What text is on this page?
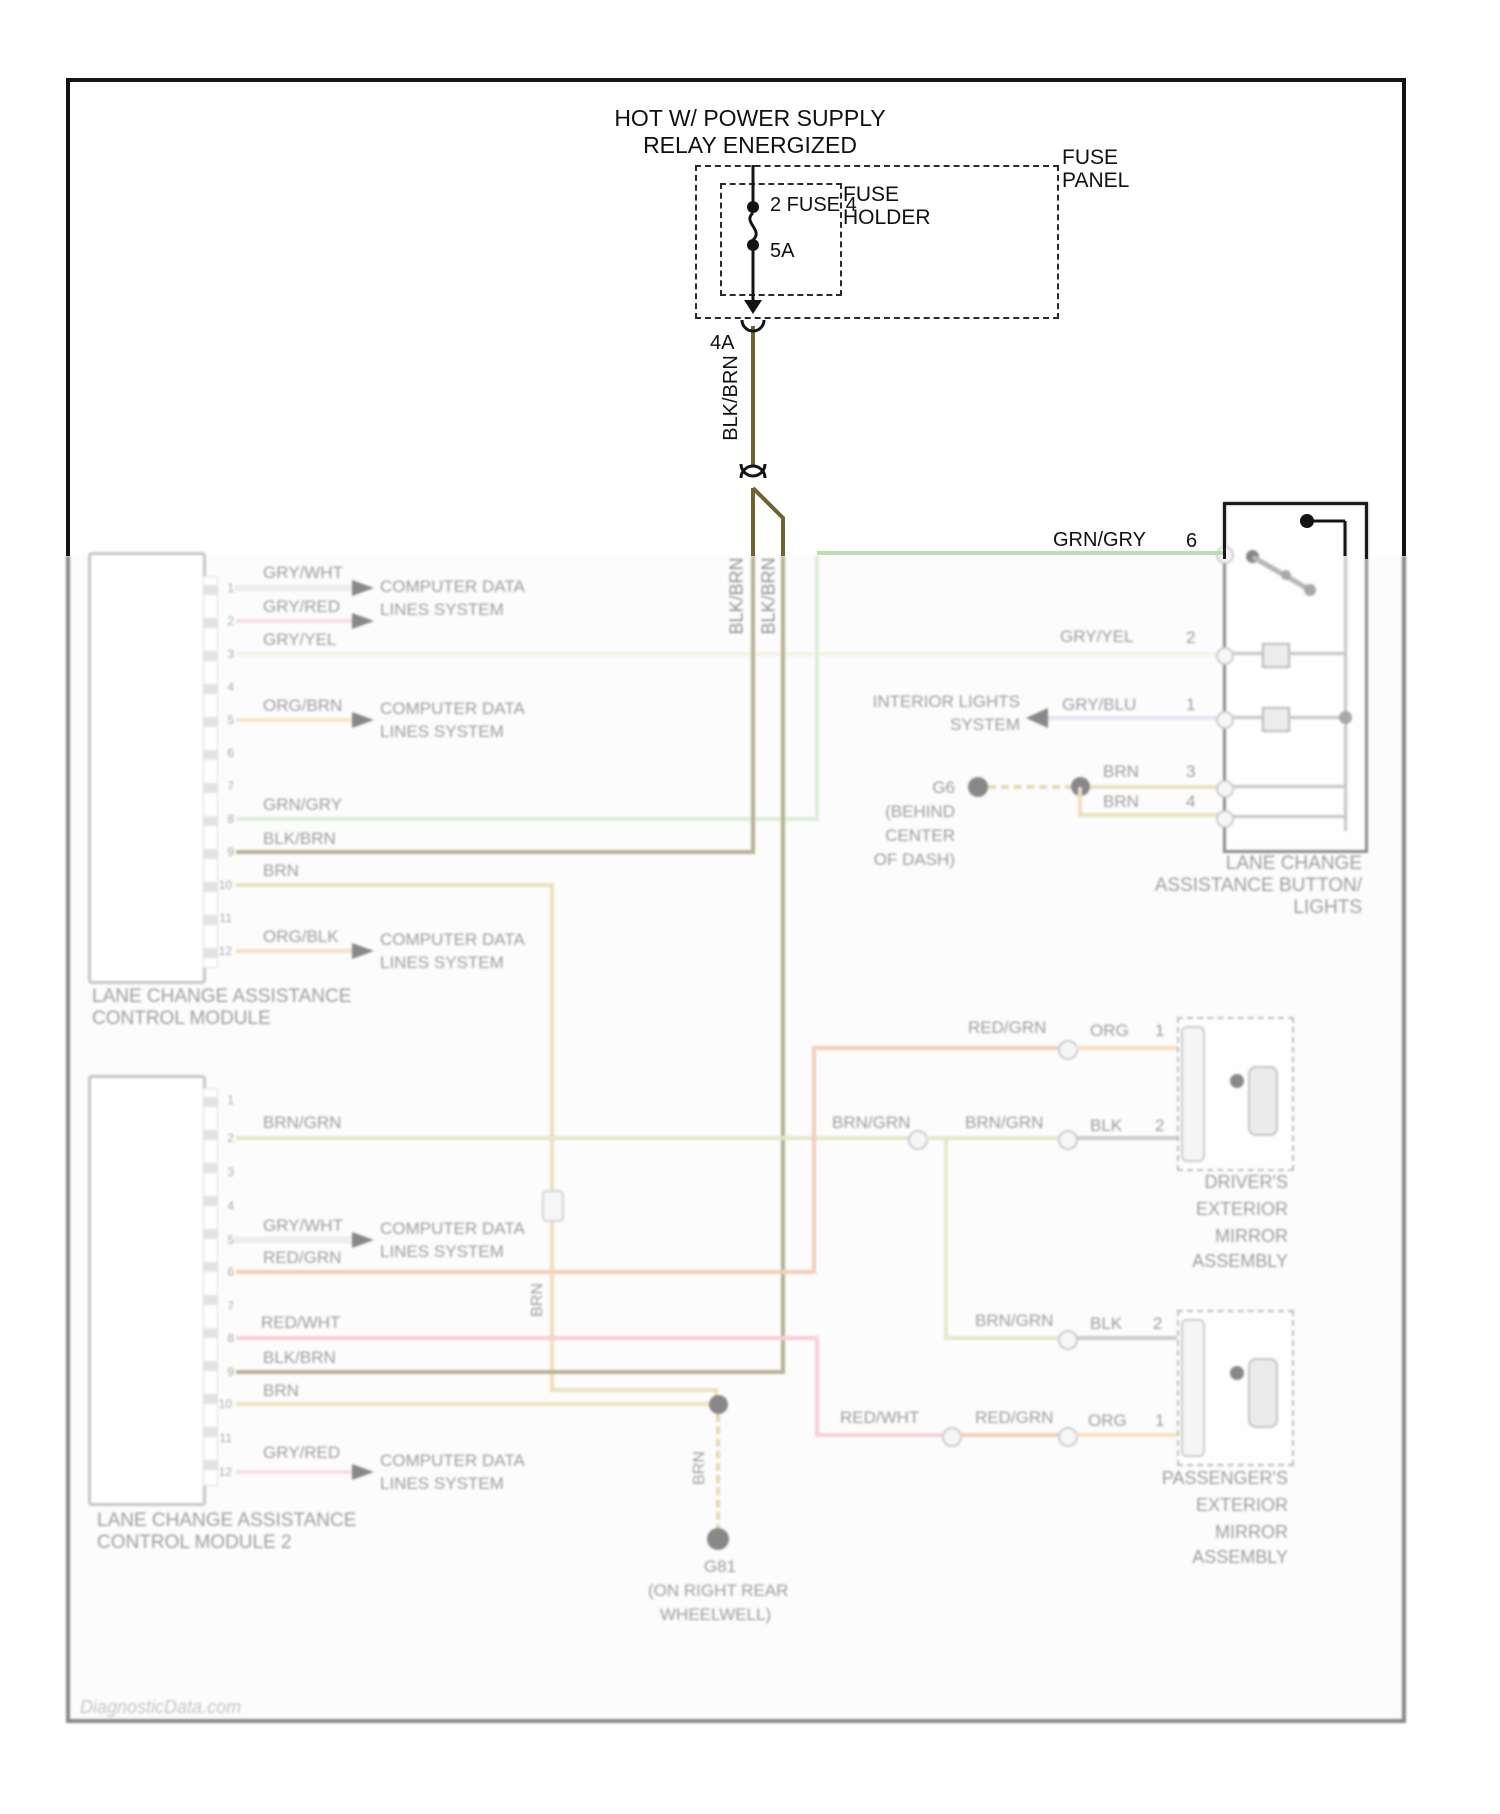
1
2
3
4
5
6
7
8
9
10
11
12
GRY/WHT
GRY/RED
GRY/YEL
ORG/BRN
GRN/GRY
BLK/BRN
BRN
ORG/BLK
LANE CHANGE ASSISTANCE
CONTROL MODULE
COMPUTER DATA
LINES SYSTEM
COMPUTER DATA
LINES SYSTEM
COMPUTER DATA
LINES SYSTEM
BLK/BRN BLK/BRN
BRN
1
2
3
4
5
6
7
8
9
10
11
12
BRN/GRN
GRY/WHT
RED/GRN
RED/WHT
BLK/BRN
BRN
GRY/RED
LANE CHANGE ASSISTANCE
CONTROL MODULE 2
COMPUTER DATA
LINES SYSTEM
COMPUTER DATA
LINES SYSTEM
RED/GRN	ORG 1
BRN/GRN	BRN/GRN	BLK 2
BRN/GRN BLK 2
RED/WHT	RED/GRN ORG 1
BRN
G81
(ON RIGHT REAR
WHEELWELL)
INTERIOR LIGHTS
SYSTEM
GRY/BLU
BRN
BRN
G6
(BEHIND
CENTER
OF DASH)
GRY/YEL	2
1
3
4
LANE CHANGE
ASSISTANCE BUTTON/
LIGHTS
DRIVER'S
EXTERIOR
MIRROR
ASSEMBLY
PASSENGER'S
EXTERIOR
MIRROR
ASSEMBLY
DiagnosticData.com
HOT W/ POWER SUPPLY
RELAY ENERGIZED	FUSE
PANEL
FUSE
HOLDER
2 FUSE 4
5A
4A
BLK/BRN
GRN/GRY 6
